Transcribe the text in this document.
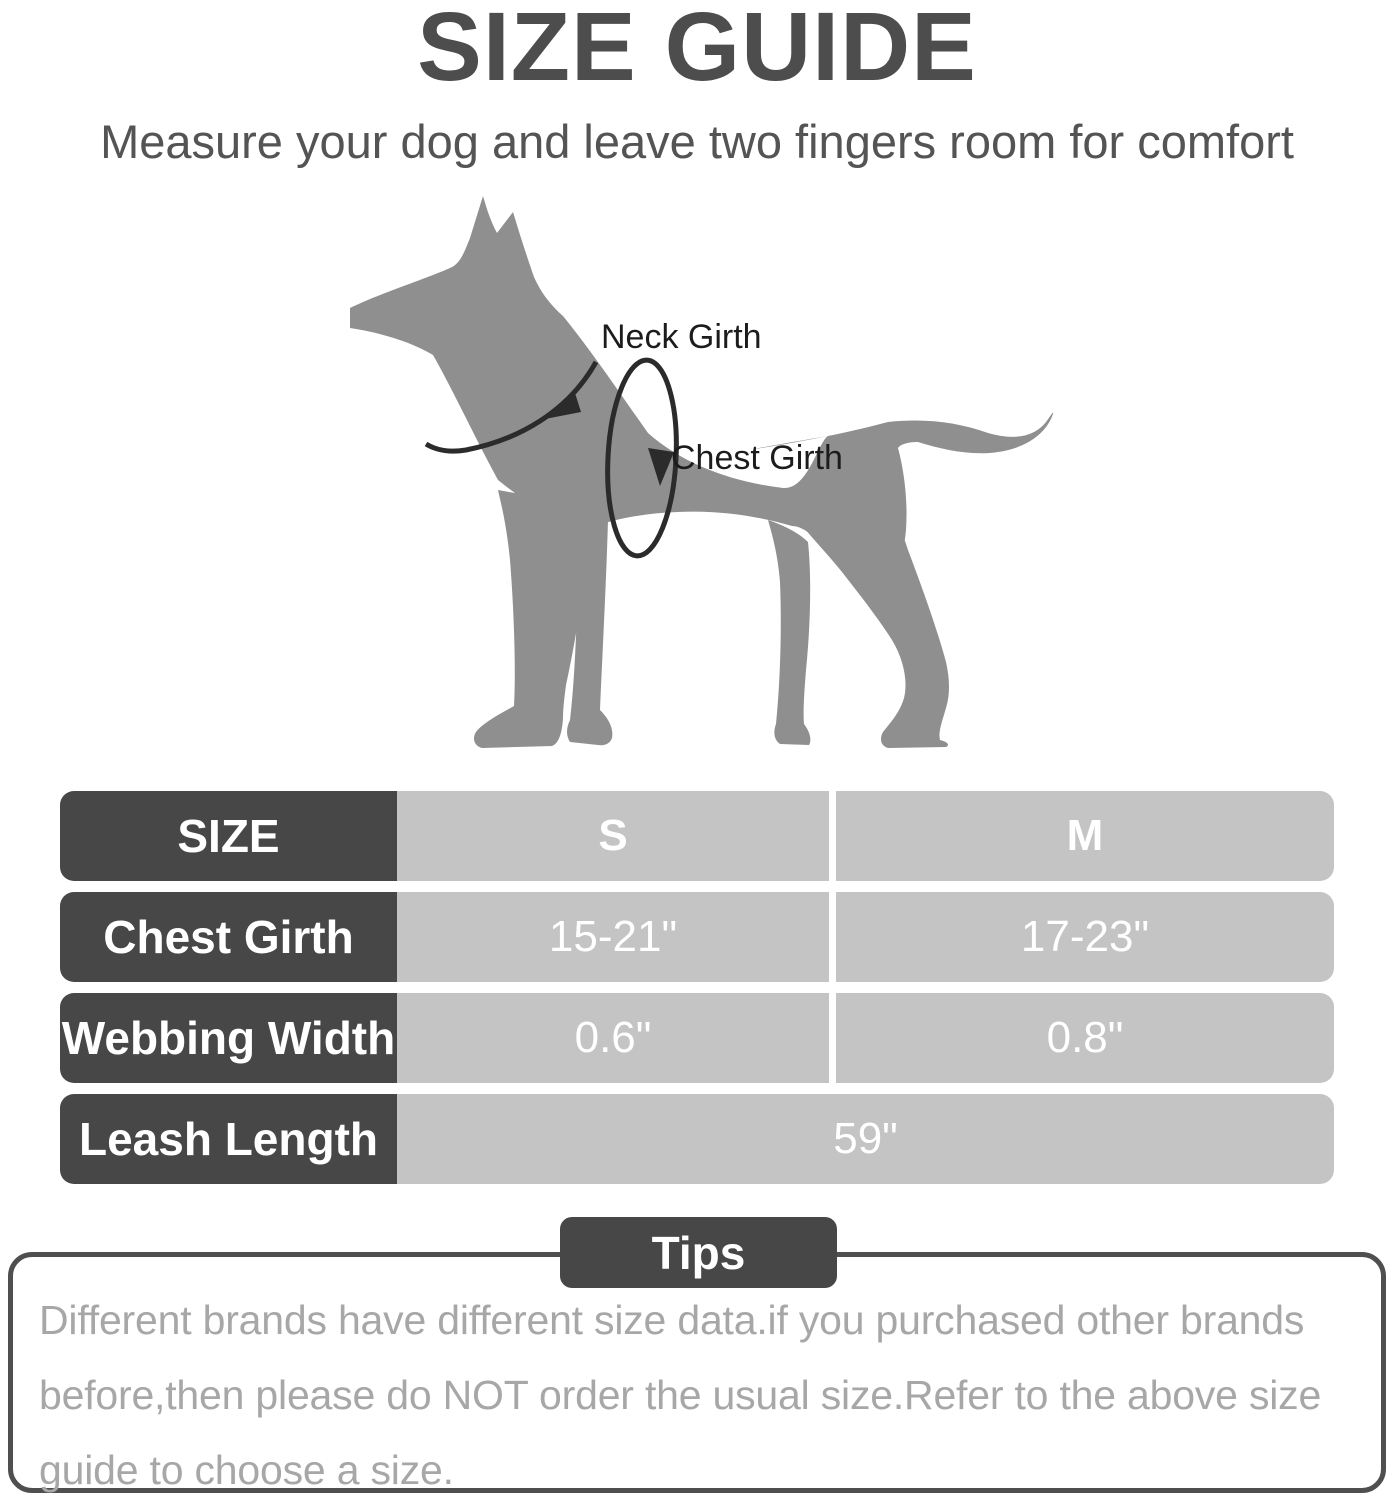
SIZE GUIDE
Measure your dog and leave two fingers room for comfort
Neck Girth
Chest Girth
SIZE	S	M
Chest Girth	15-21"	17-23"
Webbing Width	0.6"	0.8"
Leash Length	59"
Tips
Different brands have different size data.if you purchased other brands before,then please do NOT order the usual size.Refer to the above size guide to choose a size.
